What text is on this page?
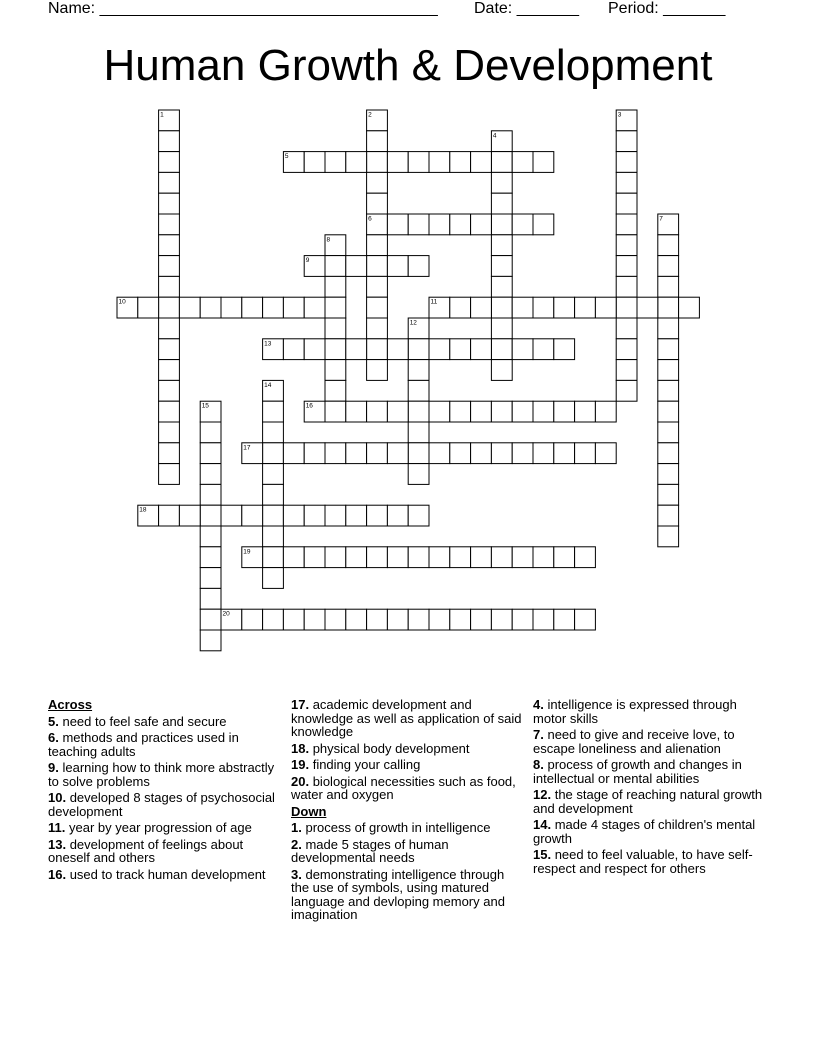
Name: ______________________________________ Date: _______ Period: _______
Human Growth & Development
1	2	3
4
5
6	7
8
9
10	11
12
13
14
15	16
17
18
19
20
Across
5. need to feel safe and secure
6. methods and practices used in teaching adults
9. learning how to think more abstractly to solve problems
10. developed 8 stages of psychosocial development
11. year by year progression of age
13. development of feelings about oneself and others
16. used to track human development
17. academic development and knowledge as well as application of said knowledge
18. physical body development
19. finding your calling
20. biological necessities such as food, water and oxygen
Down
1. process of growth in intelligence
2. made 5 stages of human developmental needs
3. demonstrating intelligence through the use of symbols, using matured language and devloping memory and imagination
4. intelligence is expressed through motor skills
7. need to give and receive love, to escape loneliness and alienation
8. process of growth and changes in intellectual or mental abilities
12. the stage of reaching natural growth and development
14. made 4 stages of children's mental growth
15. need to feel valuable, to have self-respect and respect for others
